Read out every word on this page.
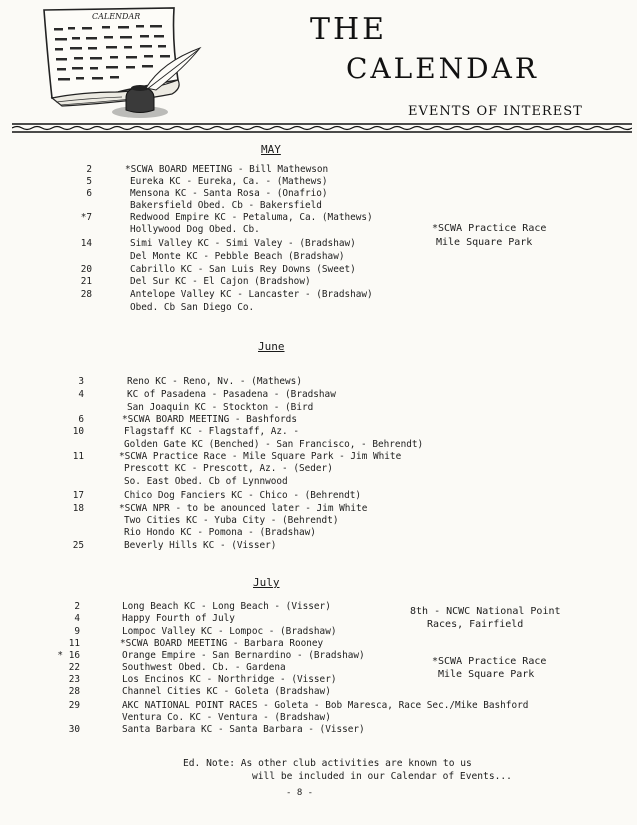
CALENDAR	THE
CALENDAR
EVENTS OF INTEREST
MAY
2	*SCWA BOARD MEETING - Bill Mathewson
5	Eureka KC - Eureka, Ca. - (Mathews)
6	Mensona KC - Santa Rosa - (Onafrio)
Bakersfield Obed. Cb - Bakersfield
*7	Redwood Empire KC - Petaluma, Ca. (Mathews)
Hollywood Dog Obed. Cb.
14	Simi Valley KC - Simi Valey - (Bradshaw)
Del Monte KC - Pebble Beach (Bradshaw)
20	Cabrillo KC - San Luis Rey Downs (Sweet)
21	Del Sur KC - El Cajon (Bradshow)
28	Antelope Valley KC - Lancaster - (Bradshaw)
Obed. Cb San Diego Co.
*SCWA Practice Race
Mile Square Park
June
3	Reno KC - Reno, Nv. - (Mathews)
4	KC of Pasadena - Pasadena - (Bradshaw
San Joaquin KC - Stockton - (Bird
6	*SCWA BOARD MEETING - Bashfords
10	Flagstaff KC - Flagstaff, Az. -
Golden Gate KC (Benched) - San Francisco, - Behrendt)
11	*SCWA Practice Race - Mile Square Park - Jim White
Prescott KC - Prescott, Az. - (Seder)
So. East Obed. Cb of Lynnwood
17	Chico Dog Fanciers KC - Chico - (Behrendt)
18	*SCWA NPR - to be anounced later - Jim White
Two Cities KC - Yuba City - (Behrendt)
Rio Hondo KC - Pomona - (Bradshaw)
25	Beverly Hills KC - (Visser)
July
2	Long Beach KC - Long Beach - (Visser)
4	Happy Fourth of July
9	Lompoc Valley KC - Lompoc - (Bradshaw)
11	*SCWA BOARD MEETING - Barbara Rooney
* 16	Orange Empire - San Bernardino - (Bradshaw)
22	Southwest Obed. Cb. - Gardena
23	Los Encinos KC - Northridge - (Visser)
28	Channel Cities KC - Goleta (Bradshaw)
29	AKC NATIONAL POINT RACES - Goleta - Bob Maresca, Race Sec./Mike Bashford
Ventura Co. KC - Ventura - (Bradshaw)
30	Santa Barbara KC - Santa Barbara - (Visser)
8th - NCWC National Point
Races, Fairfield
*SCWA Practice Race
Mile Square Park
Ed. Note: As other club activities are known to us
will be included in our Calendar of Events...
- 8 -
